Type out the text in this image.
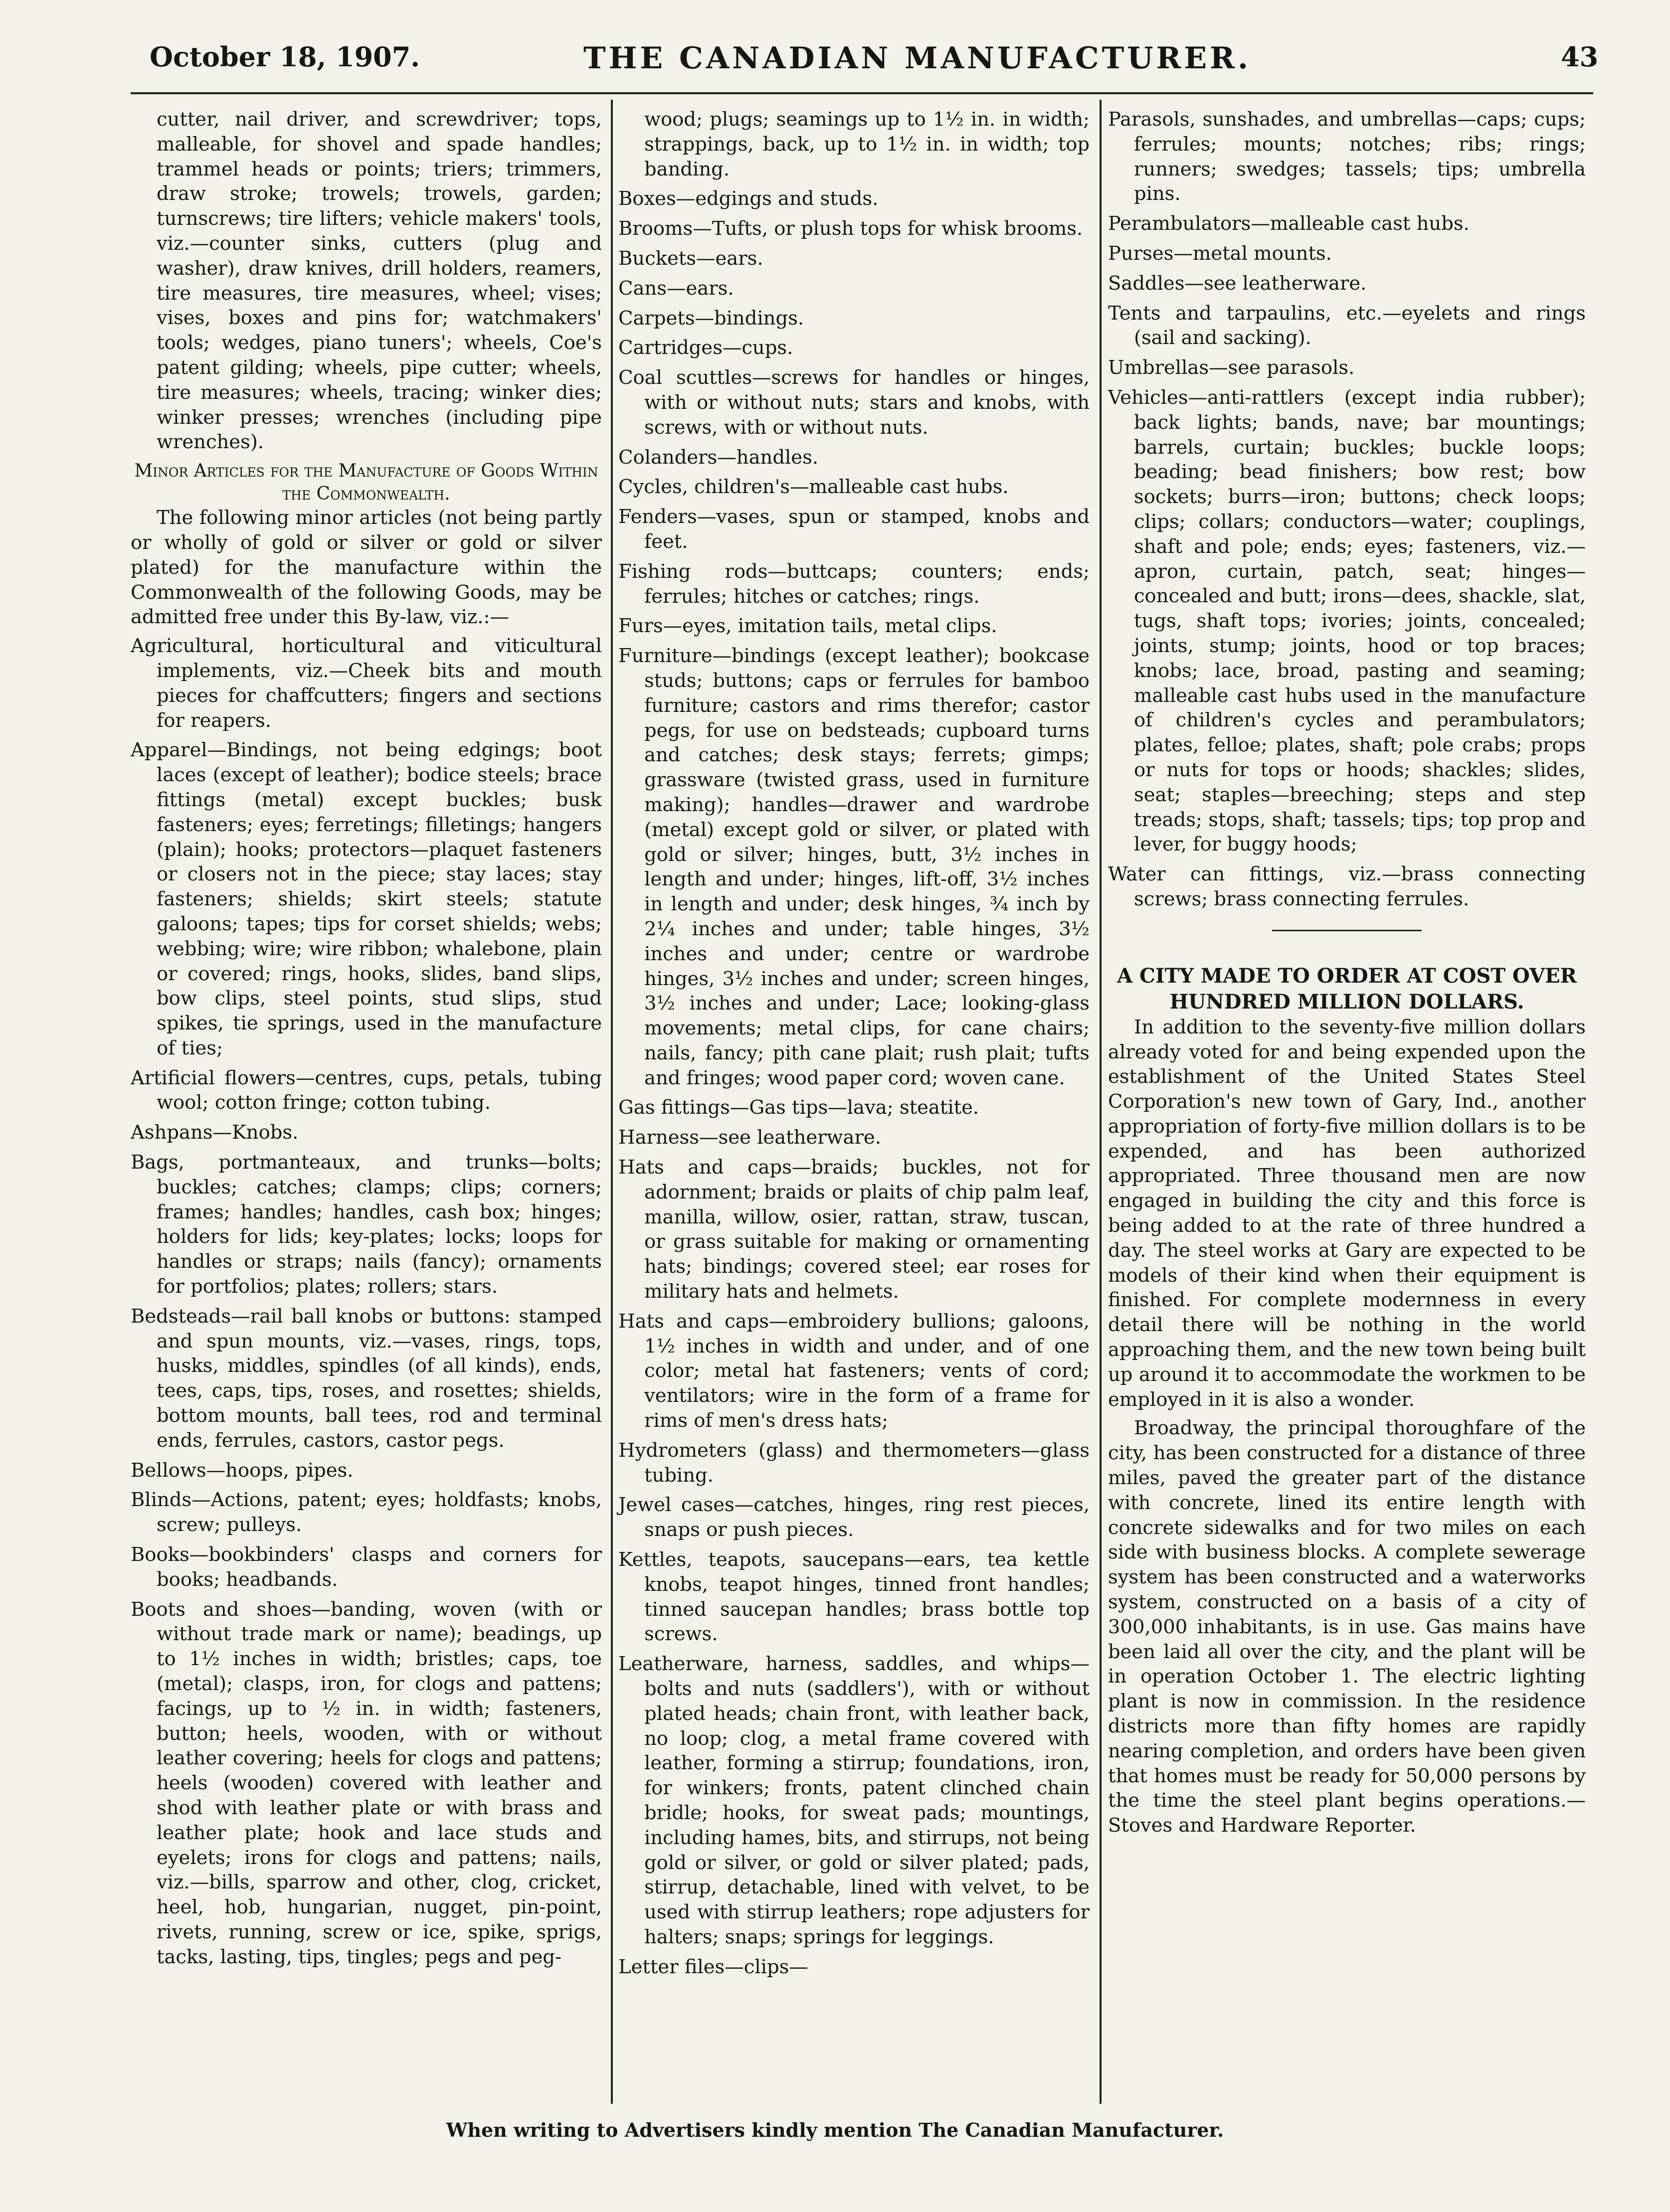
October 18, 1907.	THE CANADIAN MANUFACTURER.	43

cutter, nail driver, and screwdriver; tops, malleable, for shovel and spade handles; trammel heads or points; triers; trimmers, draw stroke; trowels; trowels, garden; turnscrews; tire lifters; vehicle makers' tools, viz.—counter sinks, cutters (plug and washer), draw knives, drill holders, reamers, tire measures, tire measures, wheel; vises; vises, boxes and pins for; watchmakers' tools; wedges, piano tuners'; wheels, Coe's patent gilding; wheels, pipe cutter; wheels, tire measures; wheels, tracing; winker dies; winker presses; wrenches (including pipe wrenches).

Minor Articles for the Manufacture of Goods Within the Commonwealth.

The following minor articles (not being partly or wholly of gold or silver or gold or silver plated) for the manufacture within the Commonwealth of the following Goods, may be admitted free under this By-law, viz.:—

Agricultural, horticultural and viticultural implements, viz.—Cheek bits and mouth pieces for chaffcutters; fingers and sections for reapers.

Apparel—Bindings, not being edgings; boot laces (except of leather); bodice steels; brace fittings (metal) except buckles; busk fasteners; eyes; ferretings; filletings; hangers (plain); hooks; protectors—plaquet fasteners or closers not in the piece; stay laces; stay fasteners; shields; skirt steels; statute galoons; tapes; tips for corset shields; webs; webbing; wire; wire ribbon; whalebone, plain or covered; rings, hooks, slides, band slips, bow clips, steel points, stud slips, stud spikes, tie springs, used in the manufacture of ties;

Artificial flowers—centres, cups, petals, tubing wool; cotton fringe; cotton tubing.

Ashpans—Knobs.

Bags, portmanteaux, and trunks—bolts; buckles; catches; clamps; clips; corners; frames; handles; handles, cash box; hinges; holders for lids; key-plates; locks; loops for handles or straps; nails (fancy); ornaments for portfolios; plates; rollers; stars.

Bedsteads—rail ball knobs or buttons: stamped and spun mounts, viz.—vases, rings, tops, husks, middles, spindles (of all kinds), ends, tees, caps, tips, roses, and rosettes; shields, bottom mounts, ball tees, rod and terminal ends, ferrules, castors, castor pegs.

Bellows—hoops, pipes.

Blinds—Actions, patent; eyes; holdfasts; knobs, screw; pulleys.

Books—bookbinders' clasps and corners for books; headbands.

Boots and shoes—banding, woven (with or without trade mark or name); beadings, up to 1½ inches in width; bristles; caps, toe (metal); clasps, iron, for clogs and pattens; facings, up to ½ in. in width; fasteners, button; heels, wooden, with or without leather covering; heels for clogs and pattens; heels (wooden) covered with leather and shod with leather plate or with brass and leather plate; hook and lace studs and eyelets; irons for clogs and pattens; nails, viz.—bills, sparrow and other, clog, cricket, heel, hob, hungarian, nugget, pin-point, rivets, running, screw or ice, spike, sprigs, tacks, lasting, tips, tingles; pegs and peg-

wood; plugs; seamings up to 1½ in. in width; strappings, back, up to 1½ in. in width; top banding.

Boxes—edgings and studs.

Brooms—Tufts, or plush tops for whisk brooms.

Buckets—ears.

Cans—ears.

Carpets—bindings.

Cartridges—cups.

Coal scuttles—screws for handles or hinges, with or without nuts; stars and knobs, with screws, with or without nuts.

Colanders—handles.

Cycles, children's—malleable cast hubs.

Fenders—vases, spun or stamped, knobs and feet.

Fishing rods—buttcaps; counters; ends; ferrules; hitches or catches; rings.

Furs—eyes, imitation tails, metal clips.

Furniture—bindings (except leather); bookcase studs; buttons; caps or ferrules for bamboo furniture; castors and rims therefor; castor pegs, for use on bedsteads; cupboard turns and catches; desk stays; ferrets; gimps; grassware (twisted grass, used in furniture making); handles—drawer and wardrobe (metal) except gold or silver, or plated with gold or silver; hinges, butt, 3½ inches in length and under; hinges, lift-off, 3½ inches in length and under; desk hinges, ¾ inch by 2¼ inches and under; table hinges, 3½ inches and under; centre or wardrobe hinges, 3½ inches and under; screen hinges, 3½ inches and under; Lace; looking-glass movements; metal clips, for cane chairs; nails, fancy; pith cane plait; rush plait; tufts and fringes; wood paper cord; woven cane.

Gas fittings—Gas tips—lava; steatite.

Harness—see leatherware.

Hats and caps—braids; buckles, not for adornment; braids or plaits of chip palm leaf, manilla, willow, osier, rattan, straw, tuscan, or grass suitable for making or ornamenting hats; bindings; covered steel; ear roses for military hats and helmets.

Hats and caps—embroidery bullions; galoons, 1½ inches in width and under, and of one color; metal hat fasteners; vents of cord; ventilators; wire in the form of a frame for rims of men's dress hats;

Hydrometers (glass) and thermometers—glass tubing.

Jewel cases—catches, hinges, ring rest pieces, snaps or push pieces.

Kettles, teapots, saucepans—ears, tea kettle knobs, teapot hinges, tinned front handles; tinned saucepan handles; brass bottle top screws.

Leatherware, harness, saddles, and whips—bolts and nuts (saddlers'), with or without plated heads; chain front, with leather back, no loop; clog, a metal frame covered with leather, forming a stirrup; foundations, iron, for winkers; fronts, patent clinched chain bridle; hooks, for sweat pads; mountings, including hames, bits, and stirrups, not being gold or silver, or gold or silver plated; pads, stirrup, detachable, lined with velvet, to be used with stirrup leathers; rope adjusters for halters; snaps; springs for leggings.

Letter files—clips—

Parasols, sunshades, and umbrellas—caps; cups; ferrules; mounts; notches; ribs; rings; runners; swedges; tassels; tips; umbrella pins.

Perambulators—malleable cast hubs.

Purses—metal mounts.

Saddles—see leatherware.

Tents and tarpaulins, etc.—eyelets and rings (sail and sacking).

Umbrellas—see parasols.

Vehicles—anti-rattlers (except india rubber); back lights; bands, nave; bar mountings; barrels, curtain; buckles; buckle loops; beading; bead finishers; bow rest; bow sockets; burrs—iron; buttons; check loops; clips; collars; conductors—water; couplings, shaft and pole; ends; eyes; fasteners, viz.—apron, curtain, patch, seat; hinges—concealed and butt; irons—dees, shackle, slat, tugs, shaft tops; ivories; joints, concealed; joints, stump; joints, hood or top braces; knobs; lace, broad, pasting and seaming; malleable cast hubs used in the manufacture of children's cycles and perambulators; plates, felloe; plates, shaft; pole crabs; props or nuts for tops or hoods; shackles; slides, seat; staples—breeching; steps and step treads; stops, shaft; tassels; tips; top prop and lever, for buggy hoods;

Water can fittings, viz.—brass connecting screws; brass connecting ferrules.

A CITY MADE TO ORDER AT COST OVER HUNDRED MILLION DOLLARS.

In addition to the seventy-five million dollars already voted for and being expended upon the establishment of the United States Steel Corporation's new town of Gary, Ind., another appropriation of forty-five million dollars is to be expended, and has been authorized appropriated. Three thousand men are now engaged in building the city and this force is being added to at the rate of three hundred a day. The steel works at Gary are expected to be models of their kind when their equipment is finished. For complete modernness in every detail there will be nothing in the world approaching them, and the new town being built up around it to accommodate the workmen to be employed in it is also a wonder.

Broadway, the principal thoroughfare of the city, has been constructed for a distance of three miles, paved the greater part of the distance with concrete, lined its entire length with concrete sidewalks and for two miles on each side with business blocks. A complete sewerage system has been constructed and a waterworks system, constructed on a basis of a city of 300,000 inhabitants, is in use. Gas mains have been laid all over the city, and the plant will be in operation October 1. The electric lighting plant is now in commission. In the residence districts more than fifty homes are rapidly nearing completion, and orders have been given that homes must be ready for 50,000 persons by the time the steel plant begins operations.—Stoves and Hardware Reporter.

When writing to Advertisers kindly mention The Canadian Manufacturer.
